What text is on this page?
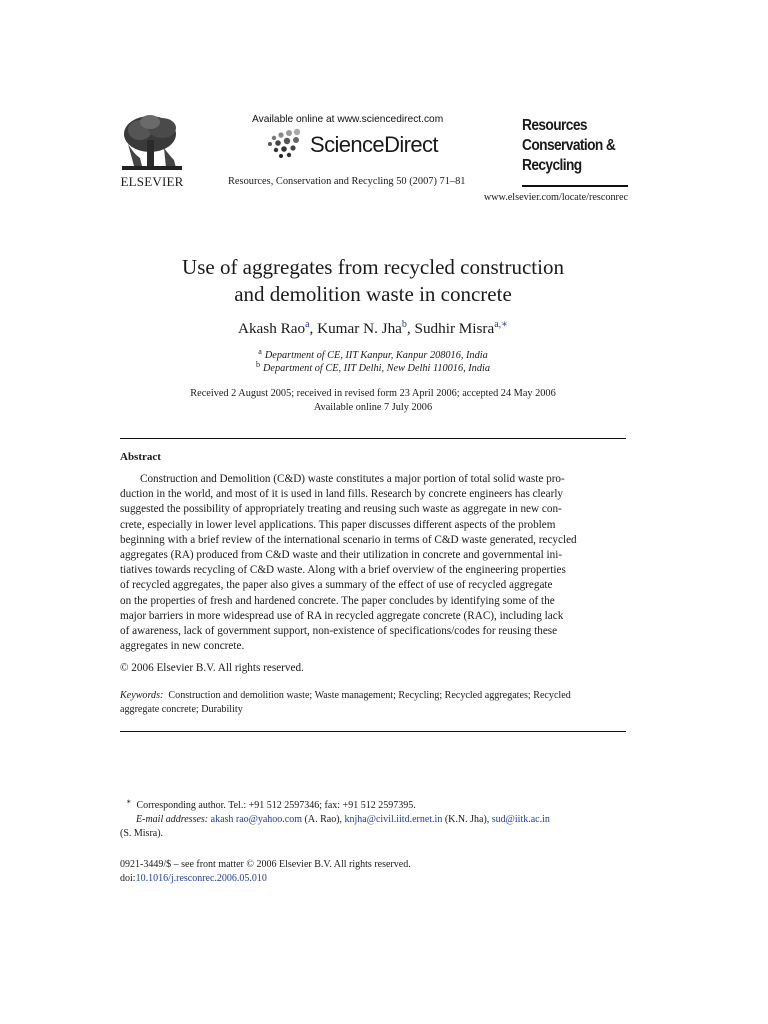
ELSEVIER
Available online at www.sciencedirect.com
ScienceDirect
Resources, Conservation and Recycling 50 (2007) 71–81
Resources
Conservation &
Recycling
www.elsevier.com/locate/resconrec
Use of aggregates from recycled construction
and demolition waste in concrete
Akash Rao$^a$, Kumar N. Jha$^b$, Sudhir Misra$^{a,∗}$
$^a$ Department of CE, IIT Kanpur, Kanpur 208016, India
$^b$ Department of CE, IIT Delhi, New Delhi 110016, India
Received 2 August 2005; received in revised form 23 April 2006; accepted 24 May 2006
Available online 7 July 2006
Abstract
Construction and Demolition (C&D) waste constitutes a major portion of total solid waste pro-
duction in the world, and most of it is used in land fills. Research by concrete engineers has clearly
suggested the possibility of appropriately treating and reusing such waste as aggregate in new con-
crete, especially in lower level applications. This paper discusses different aspects of the problem
beginning with a brief review of the international scenario in terms of C&D waste generated, recycled
aggregates (RA) produced from C&D waste and their utilization in concrete and governmental ini-
tiatives towards recycling of C&D waste. Along with a brief overview of the engineering properties
of recycled aggregates, the paper also gives a summary of the effect of use of recycled aggregate
on the properties of fresh and hardened concrete. The paper concludes by identifying some of the
major barriers in more widespread use of RA in recycled aggregate concrete (RAC), including lack
of awareness, lack of government support, non-existence of specifications/codes for reusing these
aggregates in new concrete.
© 2006 Elsevier B.V. All rights reserved.
Keywords: Construction and demolition waste; Waste management; Recycling; Recycled aggregates; Recycled
aggregate concrete; Durability
∗ Corresponding author. Tel.: +91 512 2597346; fax: +91 512 2597395.
E-mail addresses: akash rao@yahoo.com (A. Rao), knjha@civil.iitd.ernet.in (K.N. Jha), sud@iitk.ac.in
(S. Misra).
0921-3449/$ – see front matter © 2006 Elsevier B.V. All rights reserved.
doi:10.1016/j.resconrec.2006.05.010
